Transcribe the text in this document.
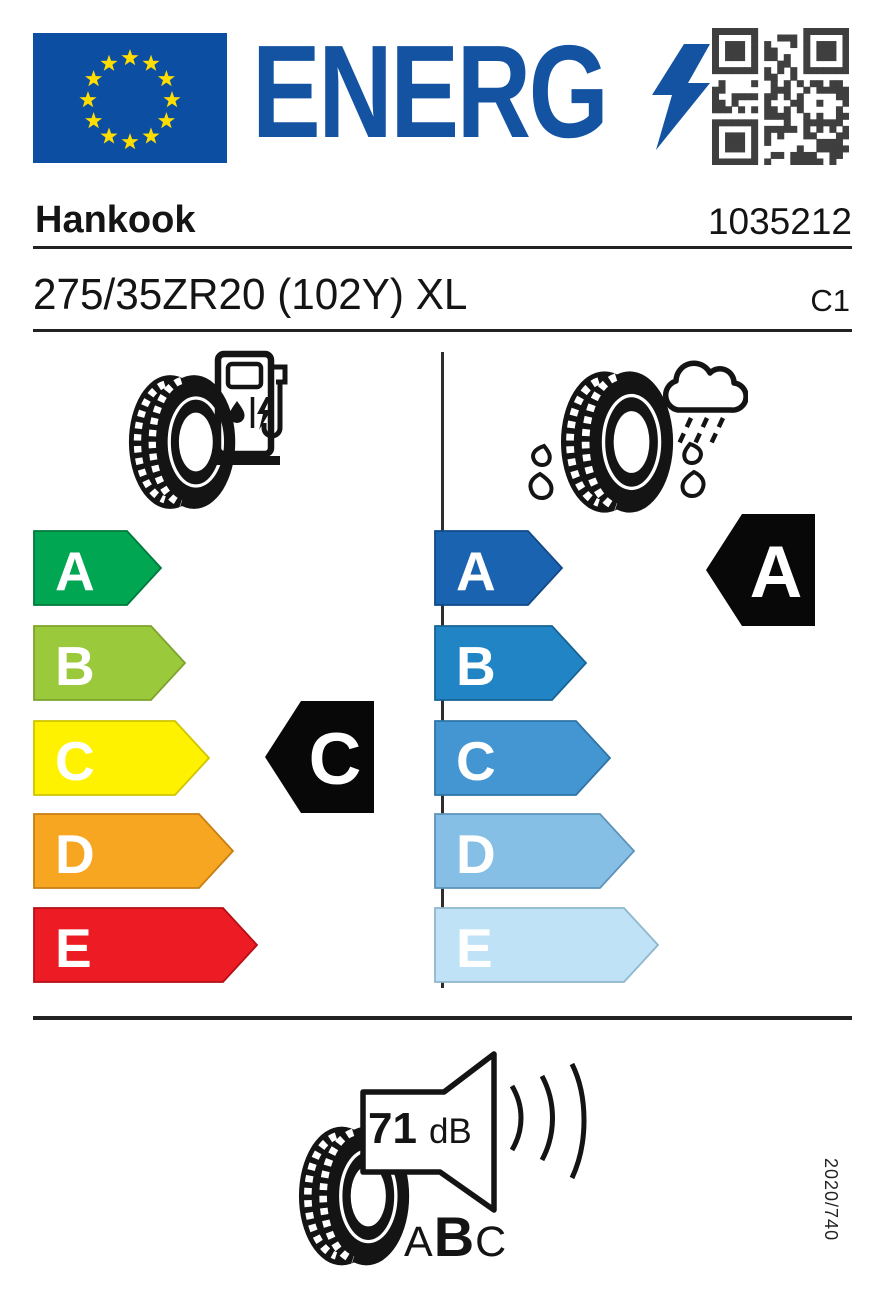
ENERG
Hankook	1035212
275/35ZR20 (102Y) XL	C1
A
B
C
D
E
A
B
C
D
E
C
A
71 dB
A B C
2020/740
